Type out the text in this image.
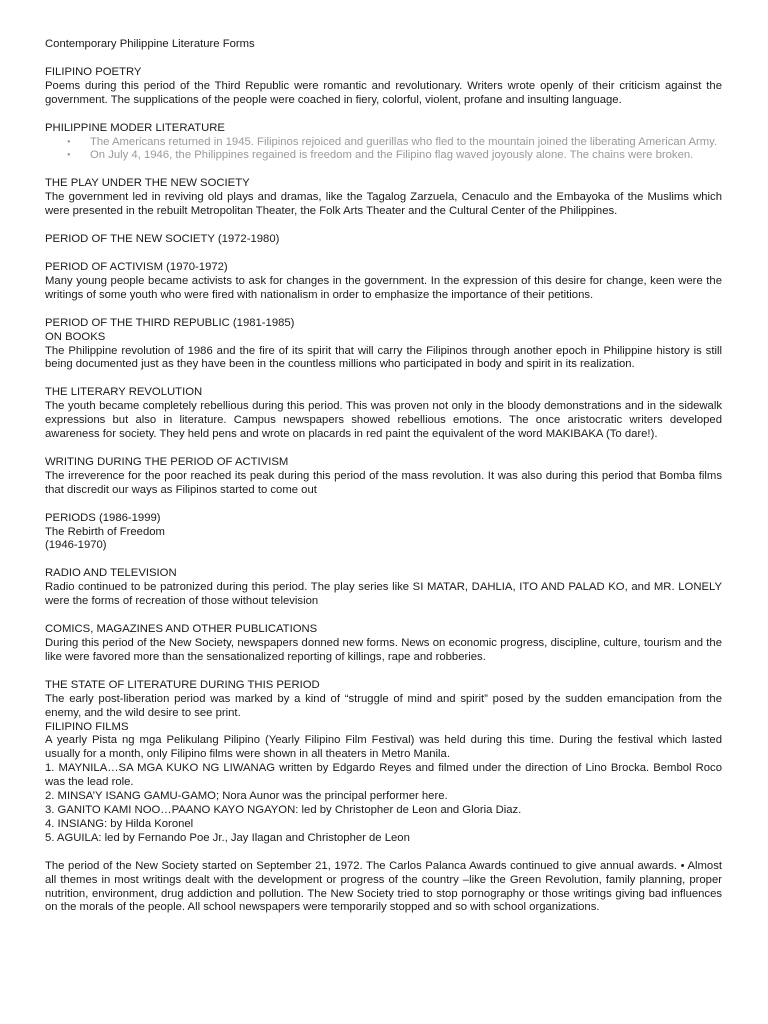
Contemporary Philippine Literature Forms

FILIPINO POETRY

Poems during this period of the Third Republic were romantic and revolutionary. Writers wrote openly of their criticism against the government. The supplications of the people were coached in fiery, colorful, violent, profane and insulting language.

PHILIPPINE MODER LITERATURE

● The Americans returned in 1945. Filipinos rejoiced and guerillas who fled to the mountain joined the liberating American Army.
● On July 4, 1946, the Philippines regained is freedom and the Filipino flag waved joyously alone. The chains were broken.

THE PLAY UNDER THE NEW SOCIETY

The government led in reviving old plays and dramas, like the Tagalog Zarzuela, Cenaculo and the Embayoka of the Muslims which were presented in the rebuilt Metropolitan Theater, the Folk Arts Theater and the Cultural Center of the Philippines.

PERIOD OF THE NEW SOCIETY (1972-1980)

PERIOD OF ACTIVISM (1970-1972)

Many young people became activists to ask for changes in the government. In the expression of this desire for change, keen were the writings of some youth who were fired with nationalism in order to emphasize the importance of their petitions.

PERIOD OF THE THIRD REPUBLIC (1981-1985)

ON BOOKS

The Philippine revolution of 1986 and the fire of its spirit that will carry the Filipinos through another epoch in Philippine history is still being documented just as they have been in the countless millions who participated in body and spirit in its realization.

THE LITERARY REVOLUTION

The youth became completely rebellious during this period. This was proven not only in the bloody demonstrations and in the sidewalk expressions but also in literature. Campus newspapers showed rebellious emotions. The once aristocratic writers developed awareness for society. They held pens and wrote on placards in red paint the equivalent of the word MAKIBAKA (To dare!).

WRITING DURING THE PERIOD OF ACTIVISM

The irreverence for the poor reached its peak during this period of the mass revolution. It was also during this period that Bomba films that discredit our ways as Filipinos started to come out

PERIODS (1986-1999)

The Rebirth of Freedom

(1946-1970)

RADIO AND TELEVISION

Radio continued to be patronized during this period. The play series like SI MATAR, DAHLIA, ITO AND PALAD KO, and MR. LONELY were the forms of recreation of those without television

COMICS, MAGAZINES AND OTHER PUBLICATIONS

During this period of the New Society, newspapers donned new forms. News on economic progress, discipline, culture, tourism and the like were favored more than the sensationalized reporting of killings, rape and robberies.

THE STATE OF LITERATURE DURING THIS PERIOD

The early post-liberation period was marked by a kind of “struggle of mind and spirit” posed by the sudden emancipation from the enemy, and the wild desire to see print.

FILIPINO FILMS

A yearly Pista ng mga Pelikulang Pilipino (Yearly Filipino Film Festival) was held during this time. During the festival which lasted usually for a month, only Filipino films were shown in all theaters in Metro Manila.

1. MAYNILA…SA MGA KUKO NG LIWANAG written by Edgardo Reyes and filmed under the direction of Lino Brocka. Bembol Roco was the lead role.

2. MINSA’Y ISANG GAMU-GAMO; Nora Aunor was the principal performer here.

3. GANITO KAMI NOO…PAANO KAYO NGAYON: led by Christopher de Leon and Gloria Diaz.

4. INSIANG: by Hilda Koronel

5. AGUILA: led by Fernando Poe Jr., Jay Ilagan and Christopher de Leon

The period of the New Society started on September 21, 1972. The Carlos Palanca Awards continued to give annual awards. • Almost all themes in most writings dealt with the development or progress of the country –like the Green Revolution, family planning, proper nutrition, environment, drug addiction and pollution. The New Society tried to stop pornography or those writings giving bad influences on the morals of the people. All school newspapers were temporarily stopped and so with school organizations.
